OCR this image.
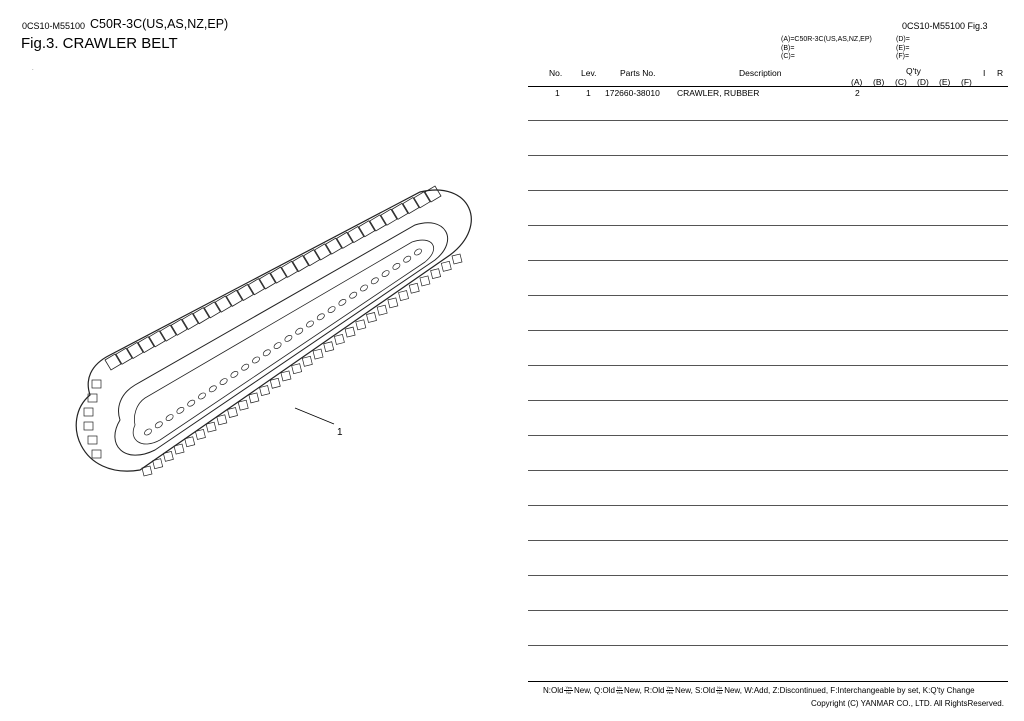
0CS10-M55100 C50R-3C(US,AS,NZ,EP)
Fig.3. CRAWLER BELT
.
1
0CS10-M55100 Fig.3
(A)=C50R-3C(US,AS,NZ,EP)
(B)=
(C)=
(D)=
(E)=
(F)=
No. Lev.	Parts No.	Description	Q'ty	I R
(A) (B) (C) (D) (E) (F)
1	1 172660-38010 CRAWLER, RUBBER	2
N:Old $\frac{\text{Yes}}{No}$ New, Q:Old $\frac{No}{\text{Yes}}$ New, R:Old $\frac{\text{Yes}}{\text{Yes}}$ New, S:Old $\frac{No}{No}$ New, W:Add, Z:Discontinued, F:Interchangeable by set, K:Q'ty Change
Copyright (C) YANMAR CO., LTD. All RightsReserved.
